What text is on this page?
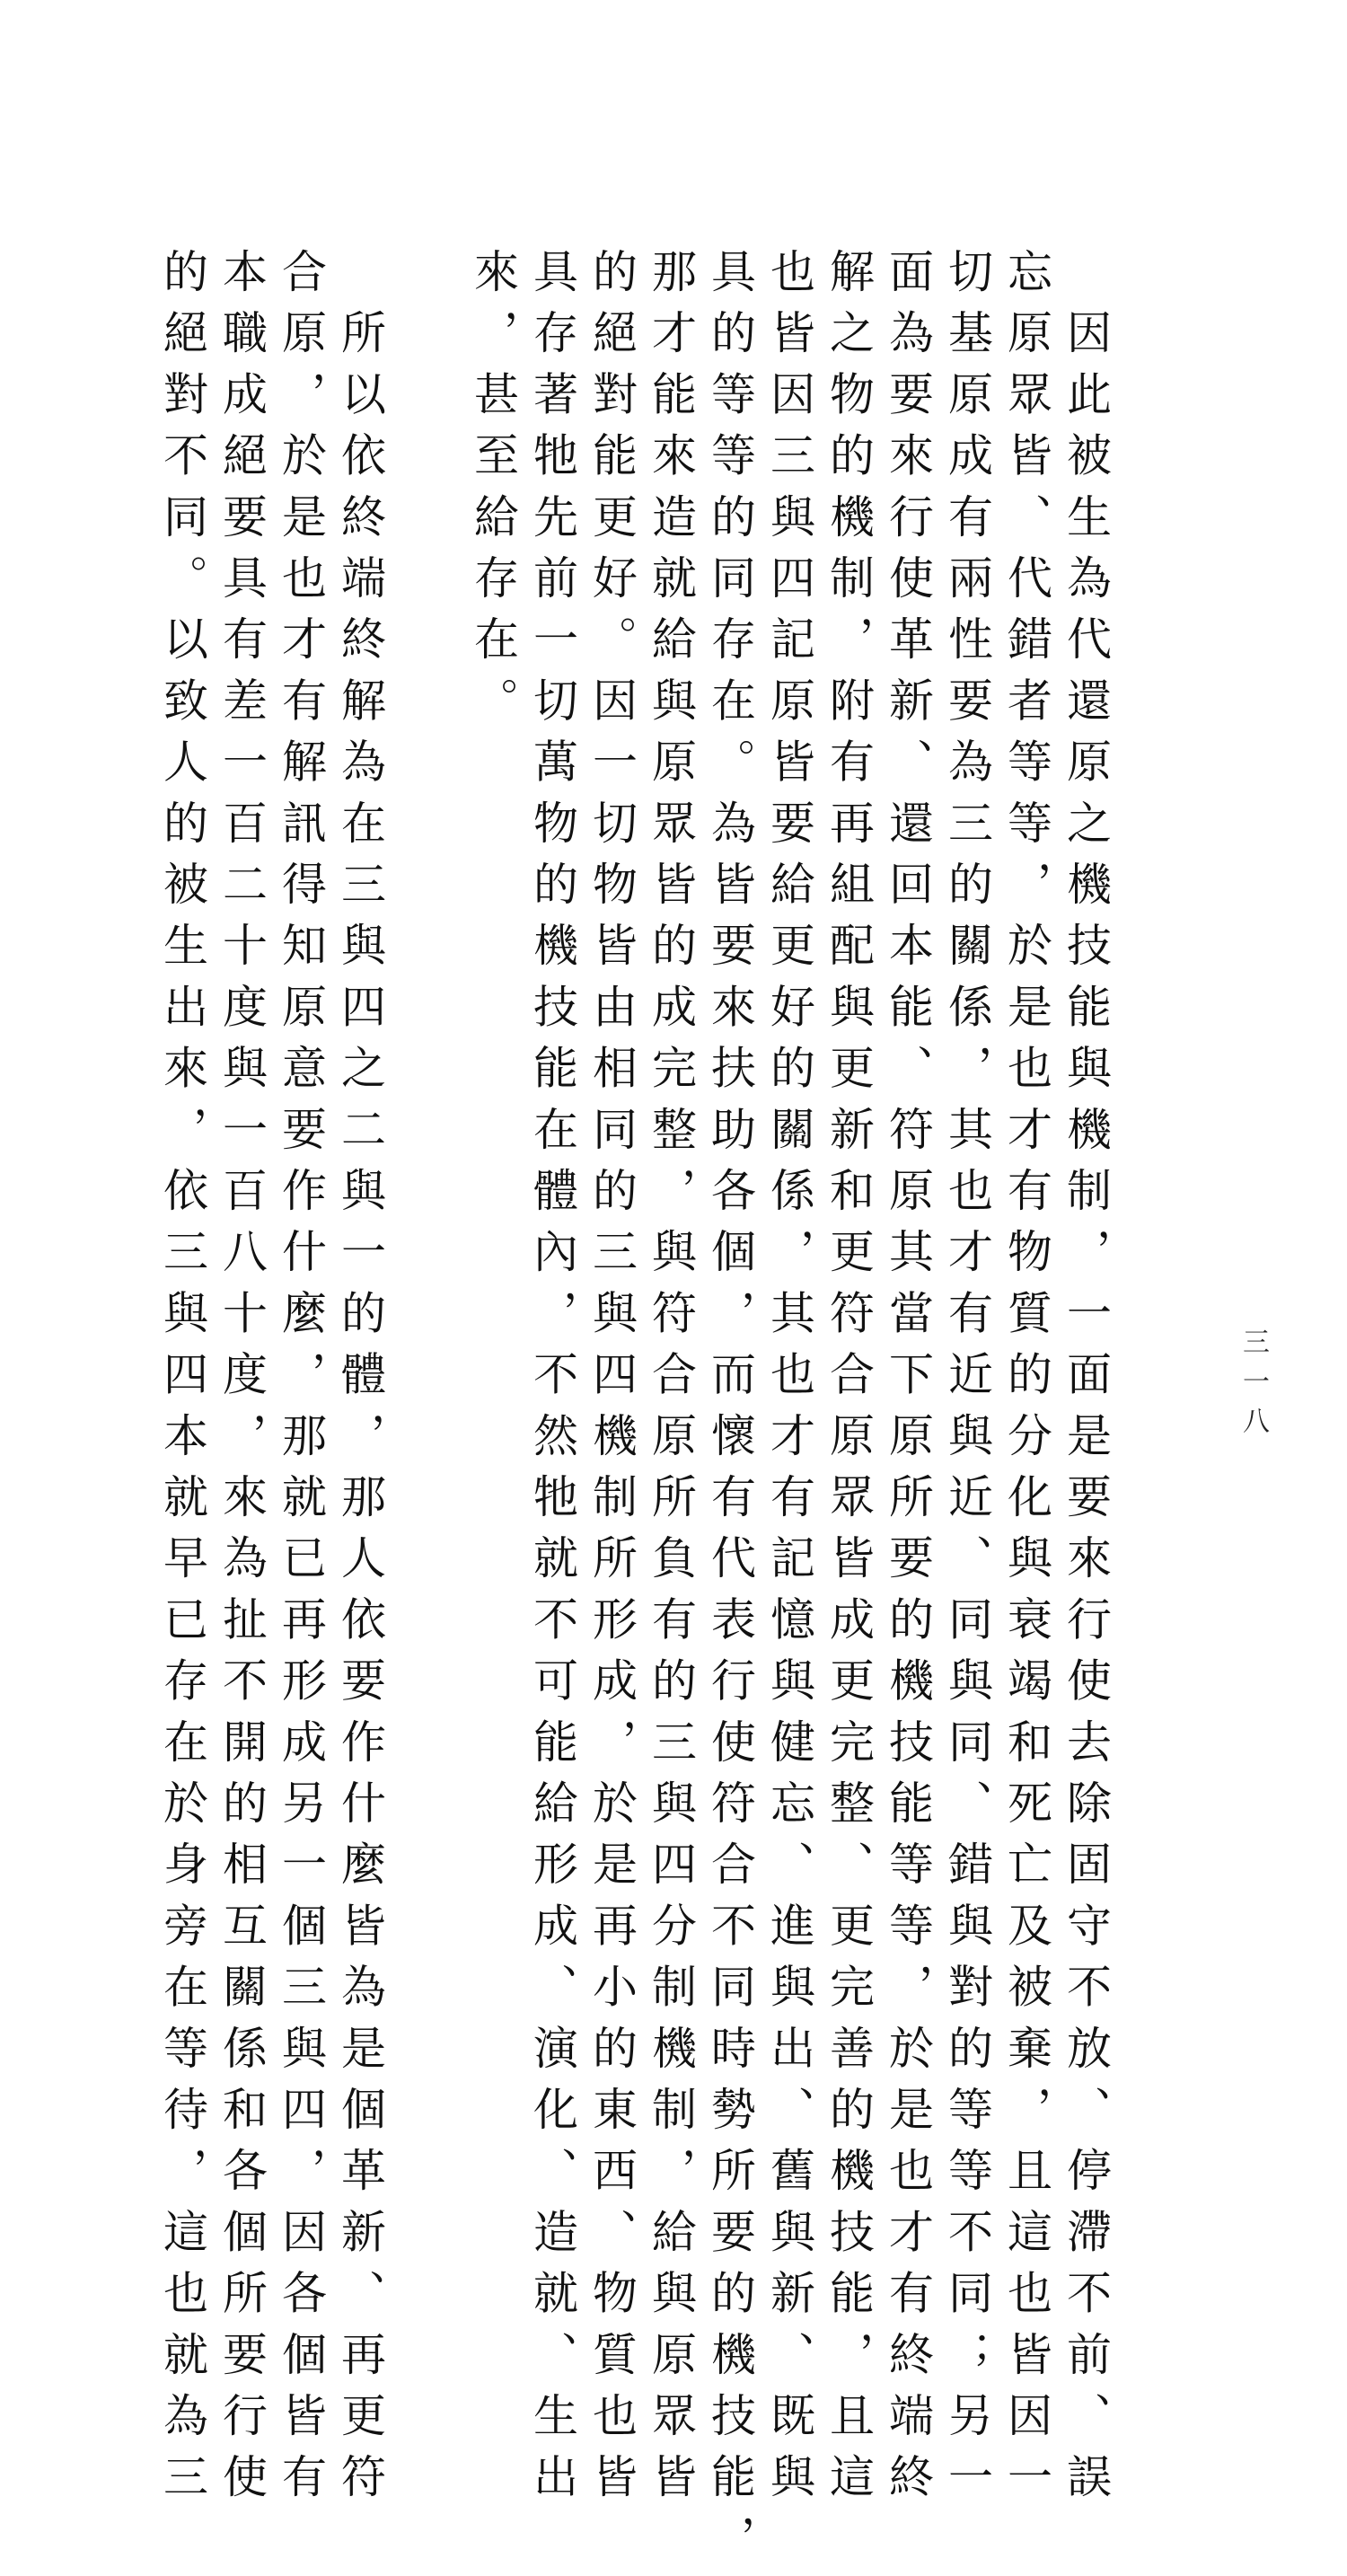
　因此被生為代還原之機技能與機制，一面是要來行使去除固守不放、停滯不前、誤
忘原眾皆、代錯者等等，於是也才有物質的分化與衰竭和死亡及被棄，且這也皆因一
切基原成有兩性要為三的關係，其也才有近與近、同與同、錯與對的等等不同；另一
面為要來行使革新、還回本能、符原其當下原所要的機技能等等，於是也才有終端終
解之物的機制，附有再組配與更新和更符合原眾皆成更完整、更完善的機技能，且這
也皆因三與四記原皆要給更好的關係，其也才有記憶與健忘、進與出、舊與新、既與
具的等等的同存在。為皆要來扶助各個，而懷有代表行使符合不同時勢所要的機技能，
那才能來造就給與原眾皆的成完整，與符合原所負有的三與四分制機制，給與原眾皆
的絕對能更好。因一切物皆由相同的三與四機制所形成，於是再小的東西、物質也皆
具存著牠先前一切萬物的機技能在體內，不然牠就不可能給形成、演化、造就、生出
來，甚至給存在。
　所以依終端終解為在三與四之二與一的體，那人依要作什麼皆為是個革新、再更符
合原，於是也才有解訊得知原意要作什麼，那就已再形成另一個三與四，因各個皆有
本職成絕要具有差一百二十度與一百八十度，來為扯不開的相互關係和各個所要行使
的絕對不同。以致人的被生出來，依三與四本就早已存在於身旁在等待，這也就為三	三一八
